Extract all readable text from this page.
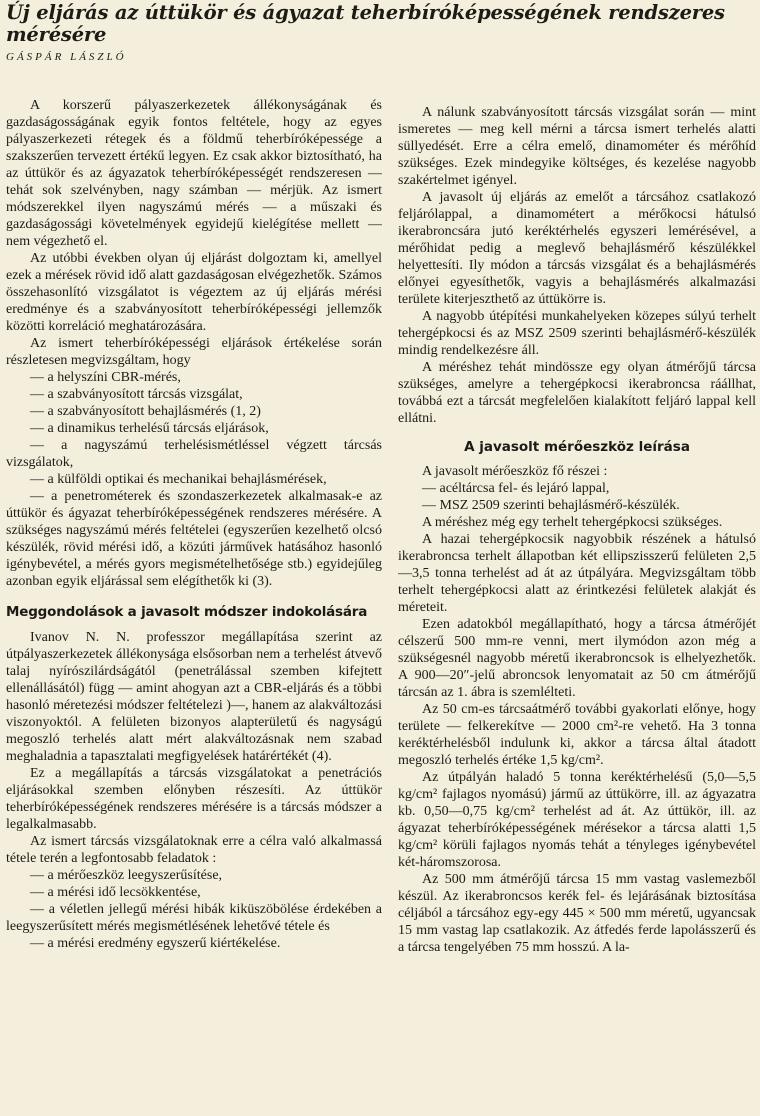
Új eljárás az úttükör és ágyazat teherbíróképességének rendszeres mérésére
GÁSPÁR LÁSZLÓ

A korszerű pályaszerkezetek állékonyságának és gazdaságosságának egyik fontos feltétele, hogy az egyes pályaszerkezeti rétegek és a földmű teherbíróképessége a szakszerűen tervezett értékű legyen. Ez csak akkor biztosítható, ha az úttükör és az ágyazatok teherbíróképességét rendszeresen — tehát sok szelvényben, nagy számban — mérjük. Az ismert módszerekkel ilyen nagyszámú mérés — a műszaki és gazdaságossági követelmények egyidejű kielégítése mellett — nem végezhető el.

Az utóbbi években olyan új eljárást dolgoztam ki, amellyel ezek a mérések rövid idő alatt gazdaságosan elvégezhetők. Számos összehasonlító vizsgálatot is végeztem az új eljárás mérési eredménye és a szabványosított teherbíróképességi jellemzők közötti korreláció meghatározására.

Az ismert teherbíróképességi eljárások értékelése során részletesen megvizsgáltam, hogy

— a helyszíni CBR-mérés,

— a szabványosított tárcsás vizsgálat,

— a szabványosított behajlásmérés (1, 2)

— a dinamikus terhelésű tárcsás eljárások,

— a nagyszámú terhelésismétléssel végzett tárcsás vizsgálatok,

— a külföldi optikai és mechanikai behajlásmérések,

— a penetrométerek és szondaszerkezetek alkalmasak-e az úttükör és ágyazat teherbíróképességének rendszeres mérésére. A szükséges nagyszámú mérés feltételei (egyszerűen kezelhető olcsó készülék, rövid mérési idő, a közúti járművek hatásához hasonló igénybevétel, a mérés gyors megismételhetősége stb.) egyidejűleg azonban egyik eljárással sem elégíthetők ki (3).

Meggondolások a javasolt módszer indokolására

Ivanov N. N. professzor megállapítása szerint az útpályaszerkezetek állékonysága elsősorban nem a terhelést átvevő talaj nyírószilárdságától (penetrálással szemben kifejtett ellenállásától) függ — amint ahogyan azt a CBR-eljárás és a többi hasonló méretezési módszer feltételezi )—, hanem az alakváltozási viszonyoktól. A felületen bizonyos alapterületű és nagyságú megoszló terhelés alatt mért alakváltozásnak nem szabad meghaladnia a tapasztalati megfigyelések határértékét (4).

Ez a megállapítás a tárcsás vizsgálatokat a penetrációs eljárásokkal szemben előnyben részesíti. Az úttükör teherbíróképességének rendszeres mérésére is a tárcsás módszer a legalkalmasabb.

Az ismert tárcsás vizsgálatoknak erre a célra való alkalmassá tétele terén a legfontosabb feladatok :

— a mérőeszköz leegyszerűsítése,

— a mérési idő lecsökkentése,

— a véletlen jellegű mérési hibák kiküszöbölése érdekében a leegyszerűsített mérés megismétlésének lehetővé tétele és

— a mérési eredmény egyszerű kiértékelése.

A nálunk szabványosított tárcsás vizsgálat során — mint ismeretes — meg kell mérni a tárcsa ismert terhelés alatti süllyedését. Erre a célra emelő, dinamométer és mérőhíd szükséges. Ezek mindegyike költséges, és kezelése nagyobb szakértelmet igényel.

A javasolt új eljárás az emelőt a tárcsához csatlakozó feljárólappal, a dinamométert a mérőkocsi hátulsó ikerabroncsára jutó keréktérhelés egyszeri lemérésével, a mérőhidat pedig a meglevő behajlásmérő készülékkel helyettesíti. Ily módon a tárcsás vizsgálat és a behajlásmérés előnyei egyesíthetők, vagyis a behajlásmérés alkalmazási területe kiterjeszthető az úttükörre is.

A nagyobb útépítési munkahelyeken közepes súlyú terhelt tehergépkocsi és az MSZ 2509 szerinti behajlásmérő-készülék mindig rendelkezésre áll.

A méréshez tehát mindössze egy olyan átmérőjű tárcsa szükséges, amelyre a tehergépkocsi ikerabroncsa ráállhat, továbbá ezt a tárcsát megfelelően kialakított feljáró lappal kell ellátni.

A javasolt mérőeszköz leírása

A javasolt mérőeszköz fő részei :

— acéltárcsa fel- és lejáró lappal,

— MSZ 2509 szerinti behajlásmérő-készülék.

A méréshez még egy terhelt tehergépkocsi szükséges.

A hazai tehergépkocsik nagyobbik részének a hátulsó ikerabroncsa terhelt állapotban két ellipszisszerű felületen 2,5—3,5 tonna terhelést ad át az útpályára. Megvizsgáltam több terhelt tehergépkocsi alatt az érintkezési felületek alakját és méreteit.

Ezen adatokból megállapítható, hogy a tárcsa átmérőjét célszerű 500 mm-re venni, mert ilymódon azon még a szükségesnél nagyobb méretű ikerabroncsok is elhelyezhetők. A 900—20″-jelű abroncsok lenyomatait az 50 cm átmérőjű tárcsán az 1. ábra is szemlélteti.

Az 50 cm-es tárcsaátmérő további gyakorlati előnye, hogy területe — felkerekítve — 2000 cm²-re vehető. Ha 3 tonna keréktérhelésből indulunk ki, akkor a tárcsa által átadott megoszló terhelés értéke 1,5 kg/cm².

Az útpályán haladó 5 tonna keréktérhelésű (5,0—5,5 kg/cm² fajlagos nyomású) jármű az úttükörre, ill. az ágyazatra kb. 0,50—0,75 kg/cm² terhelést ad át. Az úttükör, ill. az ágyazat teherbíróképességének mérésekor a tárcsa alatti 1,5 kg/cm² körüli fajlagos nyomás tehát a tényleges igénybevétel két-háromszorosa.

Az 500 mm átmérőjű tárcsa 15 mm vastag vaslemezből készül. Az ikerabroncsos kerék fel- és lejárásának biztosítása céljából a tárcsához egy-egy 445 × 500 mm méretű, ugyancsak 15 mm vastag lap csatlakozik. Az átfedés ferde lapolásszerű és a tárcsa tengelyében 75 mm hosszú. A la-
